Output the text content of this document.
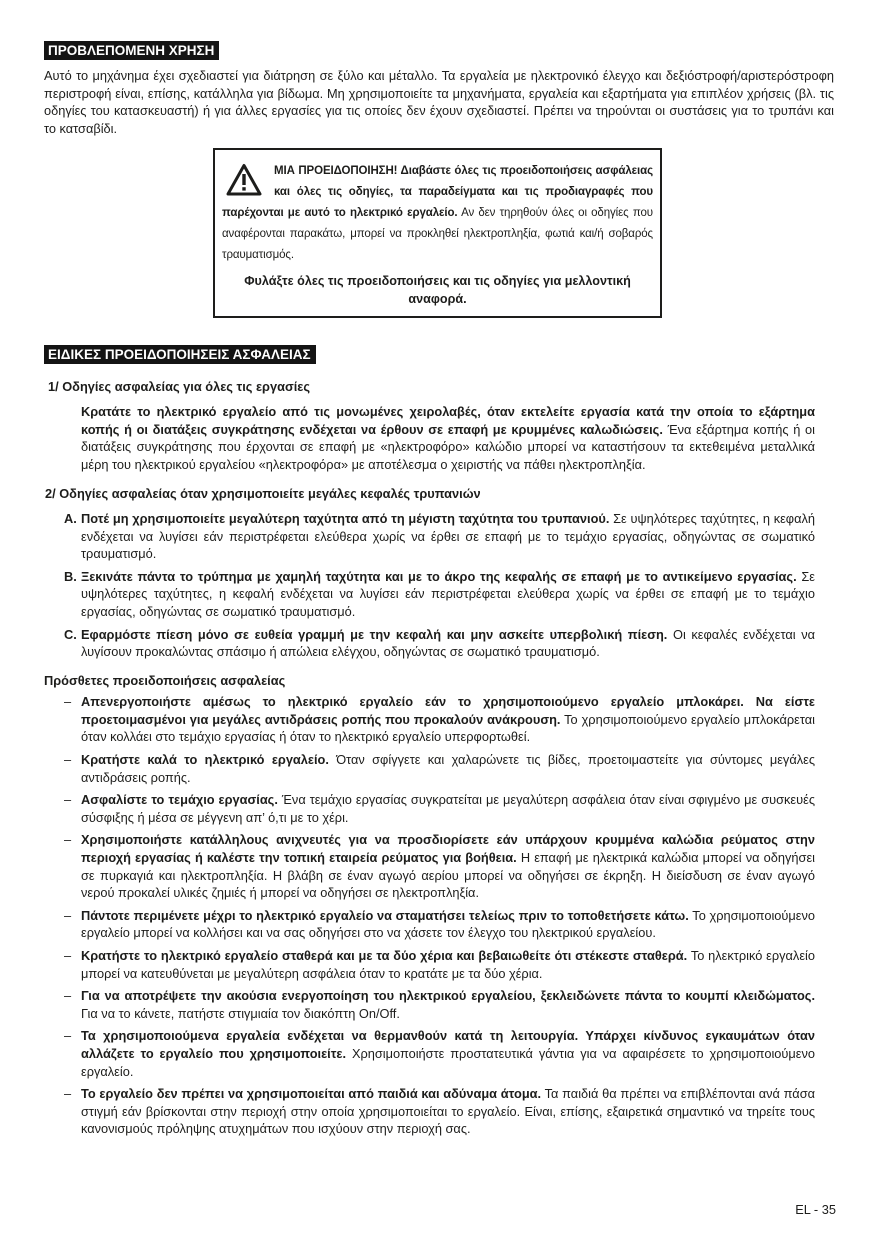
ΠΡΟΒΛΕΠΟΜΕΝΗ ΧΡΗΣΗ

Αυτό το μηχάνημα έχει σχεδιαστεί για διάτρηση σε ξύλο και μέταλλο. Τα εργαλεία με ηλεκτρονικό έλεγχο και δεξιόστροφή/αριστερόστροφη περιστροφή είναι, επίσης, κατάλληλα για βίδωμα. Μη χρησιμοποιείτε τα μηχανήματα, εργαλεία και εξαρτήματα για επιπλέον χρήσεις (βλ. τις οδηγίες του κατασκευαστή) ή για άλλες εργασίες για τις οποίες δεν έχουν σχεδιαστεί. Πρέπει να τηρούνται οι συστάσεις για το τρυπάνι και το κατσαβίδι.

ΜΙΑ ΠΡΟΕΙΔΟΠΟΙΗΣΗ! Διαβάστε όλες τις προειδοποιήσεις ασφάλειας και όλες τις οδηγίες, τα παραδείγματα και τις προδιαγραφές που παρέχονται με αυτό το ηλεκτρικό εργαλείο. Αν δεν τηρηθούν όλες οι οδηγίες που αναφέρονται παρακάτω, μπορεί να προκληθεί ηλεκτροπληξία, φωτιά και/ή σοβαρός τραυματισμός.

Φυλάξτε όλες τις προειδοποιήσεις και τις οδηγίες για μελλοντική αναφορά.

ΕΙΔΙΚΕΣ ΠΡΟΕΙΔΟΠΟΙΗΣΕΙΣ ΑΣΦΑΛΕΙΑΣ

1/ Οδηγίες ασφαλείας για όλες τις εργασίες

Κρατάτε το ηλεκτρικό εργαλείο από τις μονωμένες χειρολαβές, όταν εκτελείτε εργασία κατά την οποία το εξάρτημα κοπής ή οι διατάξεις συγκράτησης ενδέχεται να έρθουν σε επαφή με κρυμμένες καλωδιώσεις. Ένα εξάρτημα κοπής ή οι διατάξεις συγκράτησης που έρχονται σε επαφή με «ηλεκτροφόρο» καλώδιο μπορεί να καταστήσουν τα εκτεθειμένα μεταλλικά μέρη του ηλεκτρικού εργαλείου «ηλεκτροφόρα» με αποτέλεσμα ο χειριστής να πάθει ηλεκτροπληξία.

2/ Οδηγίες ασφαλείας όταν χρησιμοποιείτε μεγάλες κεφαλές τρυπανιών

A. Ποτέ μη χρησιμοποιείτε μεγαλύτερη ταχύτητα από τη μέγιστη ταχύτητα του τρυπανιού. Σε υψηλότερες ταχύτητες, η κεφαλή ενδέχεται να λυγίσει εάν περιστρέφεται ελεύθερα χωρίς να έρθει σε επαφή με το τεμάχιο εργασίας, οδηγώντας σε σωματικό τραυματισμό.

B. Ξεκινάτε πάντα το τρύπημα με χαμηλή ταχύτητα και με το άκρο της κεφαλής σε επαφή με το αντικείμενο εργασίας. Σε υψηλότερες ταχύτητες, η κεφαλή ενδέχεται να λυγίσει εάν περιστρέφεται ελεύθερα χωρίς να έρθει σε επαφή με το τεμάχιο εργασίας, οδηγώντας σε σωματικό τραυματισμό.

C. Εφαρμόστε πίεση μόνο σε ευθεία γραμμή με την κεφαλή και μην ασκείτε υπερβολική πίεση. Οι κεφαλές ενδέχεται να λυγίσουν προκαλώντας σπάσιμο ή απώλεια ελέγχου, οδηγώντας σε σωματικό τραυματισμό.

Πρόσθετες προειδοποιήσεις ασφαλείας

– Απενεργοποιήστε αμέσως το ηλεκτρικό εργαλείο εάν το χρησιμοποιούμενο εργαλείο μπλοκάρει. Να είστε προετοιμασμένοι για μεγάλες αντιδράσεις ροπής που προκαλούν ανάκρουση. Το χρησιμοποιούμενο εργαλείο μπλοκάρεται όταν κολλάει στο τεμάχιο εργασίας ή όταν το ηλεκτρικό εργαλείο υπερφορτωθεί.

– Κρατήστε καλά το ηλεκτρικό εργαλείο. Όταν σφίγγετε και χαλαρώνετε τις βίδες, προετοιμαστείτε για σύντομες μεγάλες αντιδράσεις ροπής.

– Ασφαλίστε το τεμάχιο εργασίας. Ένα τεμάχιο εργασίας συγκρατείται με μεγαλύτερη ασφάλεια όταν είναι σφιγμένο με συσκευές σύσφιξης ή μέσα σε μέγγενη απ’ ό,τι με το χέρι.

– Χρησιμοποιήστε κατάλληλους ανιχνευτές για να προσδιορίσετε εάν υπάρχουν κρυμμένα καλώδια ρεύματος στην περιοχή εργασίας ή καλέστε την τοπική εταιρεία ρεύματος για βοήθεια. Η επαφή με ηλεκτρικά καλώδια μπορεί να οδηγήσει σε πυρκαγιά και ηλεκτροπληξία. Η βλάβη σε έναν αγωγό αερίου μπορεί να οδηγήσει σε έκρηξη. Η διείσδυση σε έναν αγωγό νερού προκαλεί υλικές ζημιές ή μπορεί να οδηγήσει σε ηλεκτροπληξία.

– Πάντοτε περιμένετε μέχρι το ηλεκτρικό εργαλείο να σταματήσει τελείως πριν το τοποθετήσετε κάτω. Το χρησιμοποιούμενο εργαλείο μπορεί να κολλήσει και να σας οδηγήσει στο να χάσετε τον έλεγχο του ηλεκτρικού εργαλείου.

– Κρατήστε το ηλεκτρικό εργαλείο σταθερά και με τα δύο χέρια και βεβαιωθείτε ότι στέκεστε σταθερά. Το ηλεκτρικό εργαλείο μπορεί να κατευθύνεται με μεγαλύτερη ασφάλεια όταν το κρατάτε με τα δύο χέρια.

– Για να αποτρέψετε την ακούσια ενεργοποίηση του ηλεκτρικού εργαλείου, ξεκλειδώνετε πάντα το κουμπί κλειδώματος. Για να το κάνετε, πατήστε στιγμιαία τον διακόπτη On/Off.

– Τα χρησιμοποιούμενα εργαλεία ενδέχεται να θερμανθούν κατά τη λειτουργία. Υπάρχει κίνδυνος εγκαυμάτων όταν αλλάζετε το εργαλείο που χρησιμοποιείτε. Χρησιμοποιήστε προστατευτικά γάντια για να αφαιρέσετε το χρησιμοποιούμενο εργαλείο.

– Το εργαλείο δεν πρέπει να χρησιμοποιείται από παιδιά και αδύναμα άτομα. Τα παιδιά θα πρέπει να επιβλέπονται ανά πάσα στιγμή εάν βρίσκονται στην περιοχή στην οποία χρησιμοποιείται το εργαλείο. Είναι, επίσης, εξαιρετικά σημαντικό να τηρείτε τους κανονισμούς πρόληψης ατυχημάτων που ισχύουν στην περιοχή σας.

EL - 35
